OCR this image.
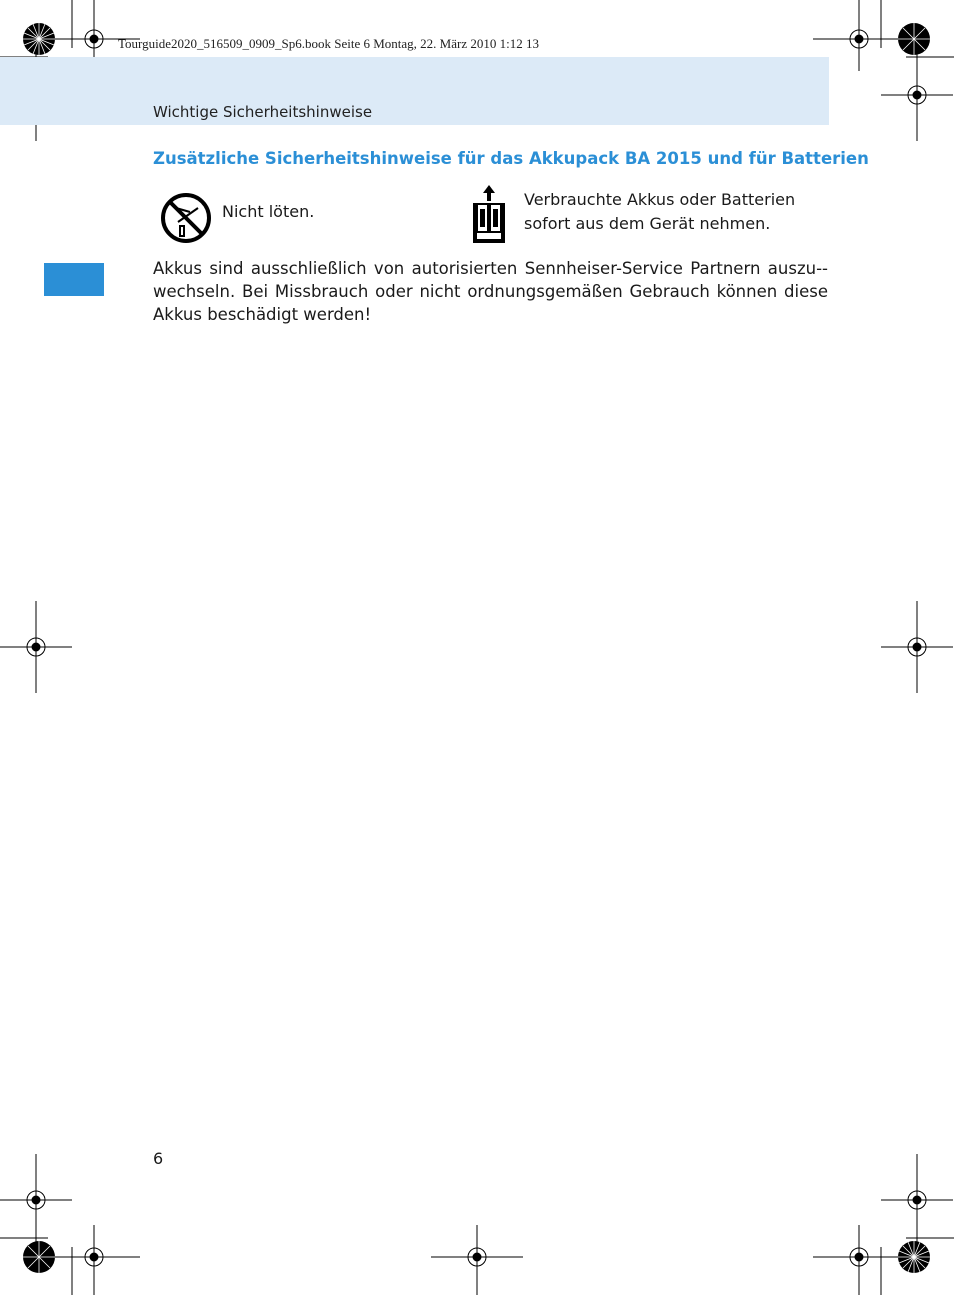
Tourguide2020_516509_0909_Sp6.book Seite 6 Montag, 22. März 2010 1:12 13
Wichtige Sicherheitshinweise
Zusätzliche Sicherheitshinweise für das Akkupack BA 2015 und für Batterien
Nicht löten.
Verbrauchte Akkus oder Batterien sofort aus dem Gerät nehmen.
Akkus sind ausschließlich von autorisierten Sennheiser-Service Partnern auszu-wechseln. Bei Missbrauch oder nicht ordnungsgemäßen Gebrauch können diese Akkus beschädigt werden!
6
